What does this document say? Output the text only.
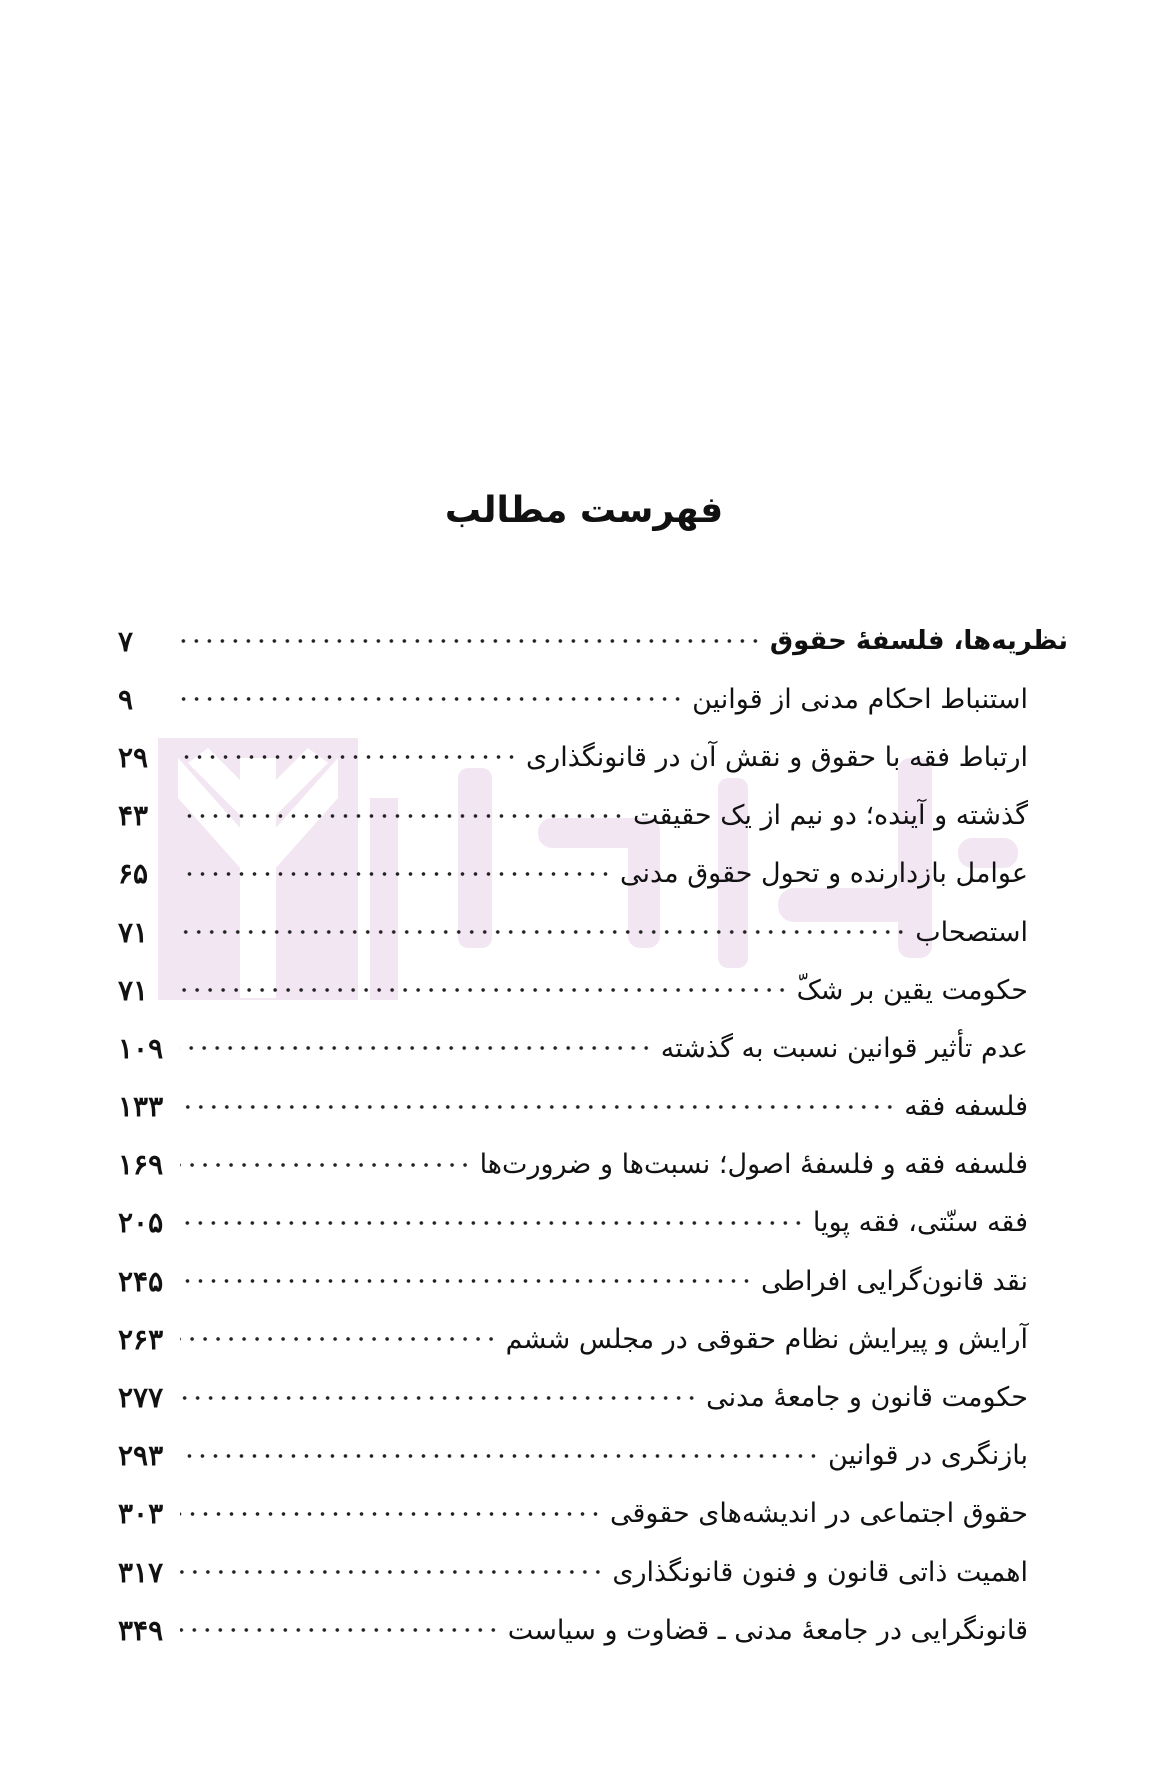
فهرست مطالب
نظریه‌ها، فلسفهٔ حقوق
۷
استنباط احکام مدنی از قوانین
۹
ارتباط فقه با حقوق و نقش آن در قانونگذاری
۲۹
گذشته و آینده؛ دو نیم از یک حقیقت
۴۳
عوامل بازدارنده و تحول حقوق مدنی
۶۵
استصحاب
۷۱
حکومت یقین بر شکّ
۷۱
عدم تأثیر قوانین نسبت به گذشته
۱۰۹
فلسفه فقه
۱۳۳
فلسفه فقه و فلسفهٔ اصول؛ نسبت‌ها و ضرورت‌ها
۱۶۹
فقه سنّتی، فقه پویا
۲۰۵
نقد قانون‌گرایی افراطی
۲۴۵
آرایش و پیرایش نظام حقوقی در مجلس ششم
۲۶۳
حکومت قانون و جامعهٔ مدنی
۲۷۷
بازنگری در قوانین
۲۹۳
حقوق اجتماعی در اندیشه‌های حقوقی
۳۰۳
اهمیت ذاتی قانون و فنون قانونگذاری
۳۱۷
قانونگرایی در جامعهٔ مدنی ـ قضاوت و سیاست
۳۴۹
